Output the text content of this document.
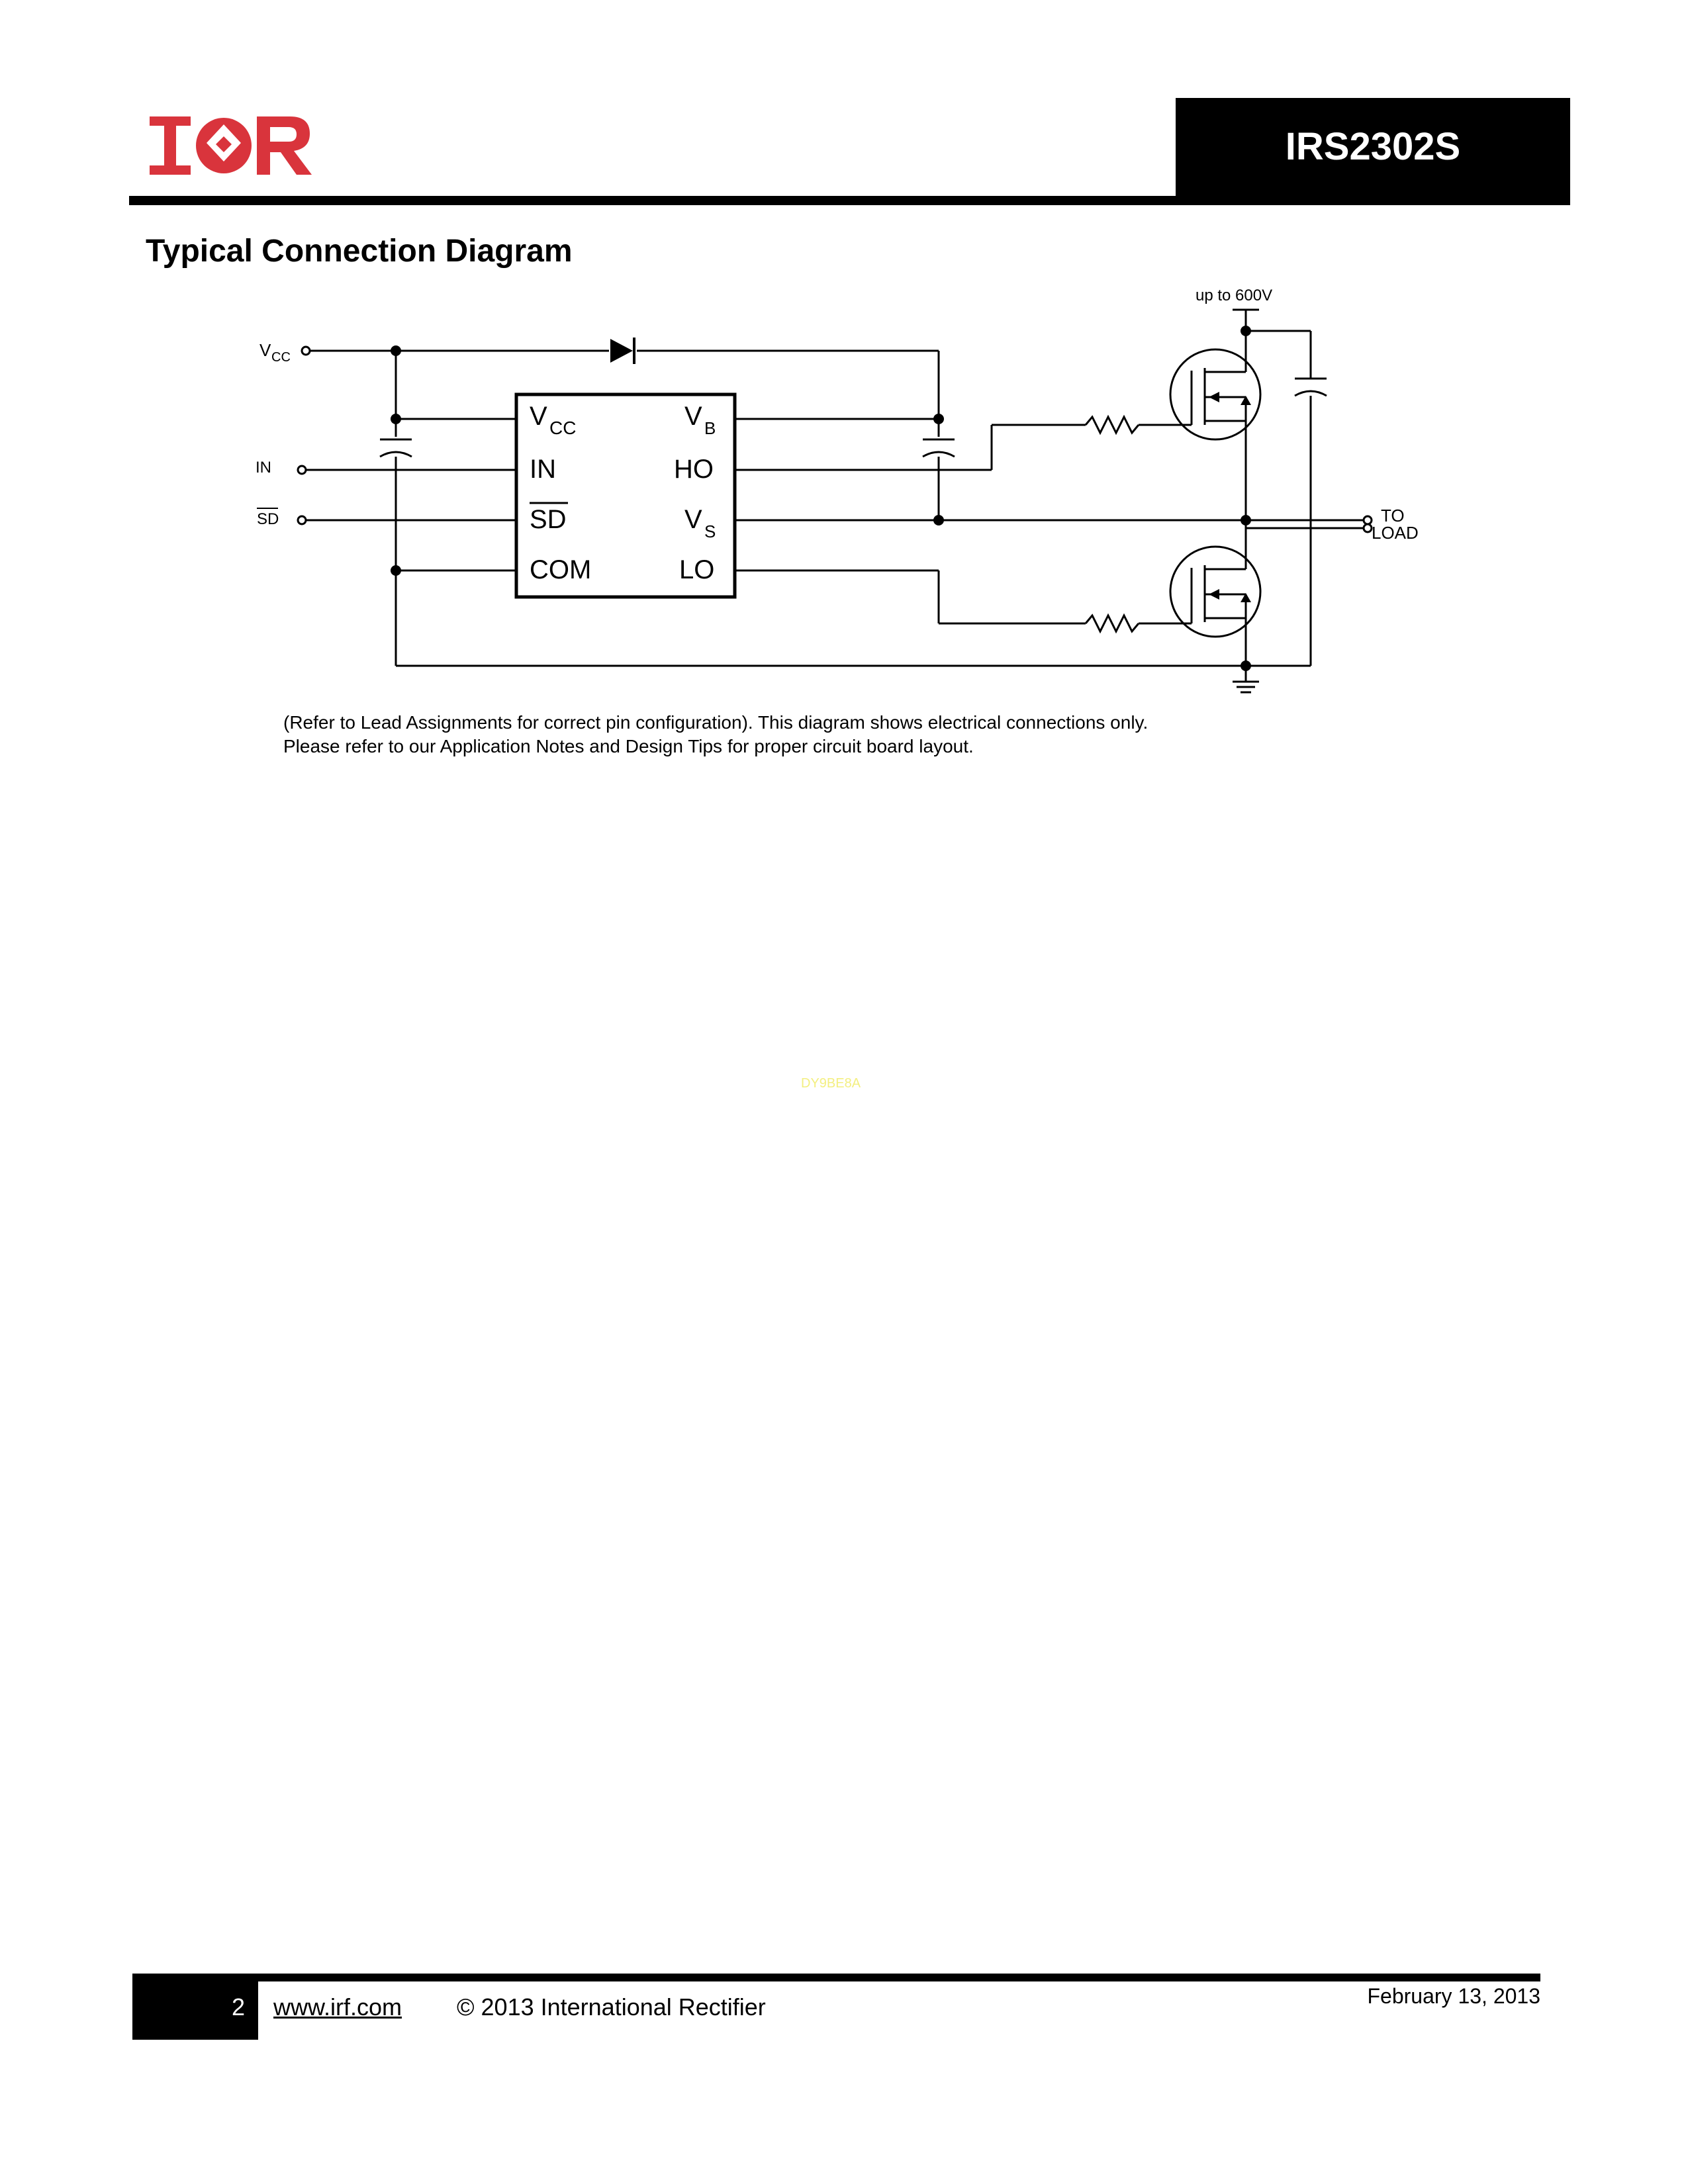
IRS2302S
Typical Connection Diagram
V CC
IN
SD
up to 600V
TO
LOAD
V CC	V B
IN	HO
SD	V S
COM	LO
(Refer to Lead Assignments for correct pin configuration). This diagram shows electrical connections only.
Please refer to our Application Notes and Design Tips for proper circuit board layout.
DY9BE8A
2 www.irf.com © 2013 International Rectifier	February 13, 2013
